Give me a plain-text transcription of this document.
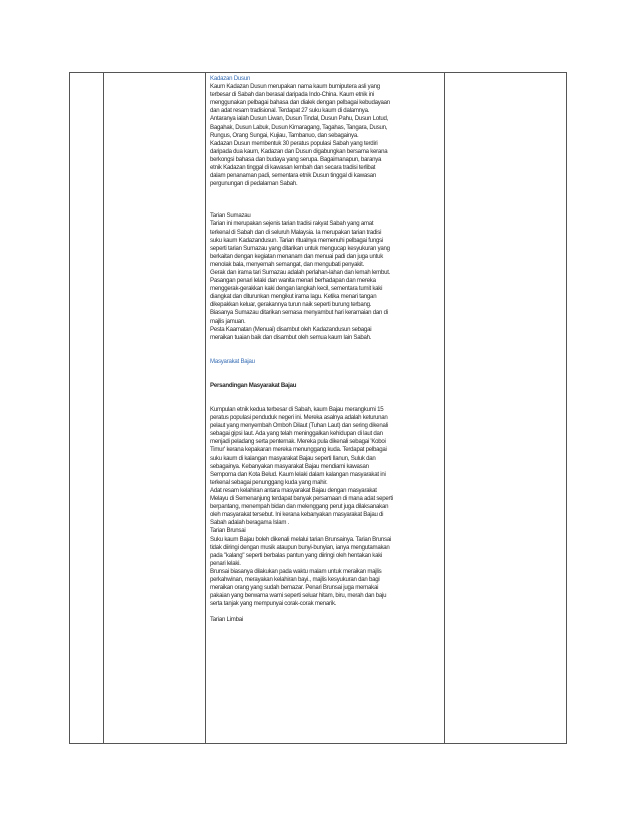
Kadazan Dusun

Kaum Kadazan Dusun merupakan nama kaum bumiputera asli yang
terbesar di Sabah dan berasal daripada Indo-China. Kaum etnik ini
menggunakan pelbagai bahasa dan dialek dengan pelbagai kebudayaan
dan adat resam tradisional. Terdapat 27 suku kaum di dalamnya.
Antaranya ialah Dusun Liwan, Dusun Tindal, Dusun Pahu, Dusun Lotud,
Bagahak, Dusun Labuk, Dusun Kimaragang, Tagahas, Tangara, Dusun,
Rungus, Orang Sungai, Kujiau, Tambanuo, dan sebagainya.
Kadazan Dusun membentuk 30 peratus populasi Sabah yang terdiri
daripada dua kaum, Kadazan dan Dusun digabungkan bersama kerana
berkongsi bahasa dan budaya yang serupa. Bagaimanapun, baranya
etnik Kadazan tinggal di kawasan lembah dan secara tradisi terlibat
dalam penanaman padi, sementara etnik Dusun tinggal di kawasan
pergunungan di pedalaman Sabah.

Tarian Sumazau

Tarian ini merupakan sejenis tarian tradisi rakyat Sabah yang amat
terkenal di Sabah dan di seluruh Malaysia. Ia merupakan tarian tradisi
suku kaum Kadazandusun. Tarian ritualnya memenuhi pelbagai fungsi
seperti tarian Sumazau yang ditarikan untuk mengucap kesyukuran yang
berkaitan dengan kegiatan menanam dan menuai padi dan juga untuk
menolak bala, menyemah semangat, dan mengubati penyakit.
Gerak dan irama tari Sumazau adalah perlahan-lahan dan lemah lembut.
Pasangan penari lelaki dan wanita menari berhadapan dan mereka
menggerak-gerakkan kaki dengan langkah kecil, sementara tumit kaki
diangkat dan diturunkan mengikut irama lagu. Ketika menari tangan
dikepakkan keluar, gerakannya turun naik seperti burung terbang.
Biasanya Sumazau ditarikan semasa menyambut hari keramaian dan di
majlis jamuan.
Pesta Kaamatan (Menuai) disambut oleh Kadazandusun sebagai
meraikan tuaian baik dan disambut oleh semua kaum lain Sabah.

Masyarakat Bajau

Persandingan Masyarakat Bajau

Kumpulan etnik kedua terbesar di Sabah, kaum Bajau merangkumi 15
peratus populasi penduduk negeri ini. Mereka asalnya adalah keturunan
pelaut yang menyembah Omboh Dilaut (Tuhan Laut) dan sering dikenali
sebagai gipsi laut. Ada yang telah meninggalkan kehidupan di laut dan
menjadi peladang serta penternak. Mereka pula dikenali sebagai 'Koboi
Timur' kerana kepakaran mereka menunggang kuda. Terdapat pelbagai
suku kaum di kalangan masyarakat Bajau seperti Ilanun, Suluk dan
sebagainya. Kebanyakan masyarakat Bajau mendiami kawasan
Semporna dan Kota Belud. Kaum lelaki dalam kalangan masyarakat ini
terkenal sebagai penunggang kuda yang mahir.
Adat resam kelahiran antara masyarakat Bajau dengan masyarakat
Melayu di Semenanjung terdapat banyak persamaan di mana adat seperti
berpantang, menempah bidan dan melenggang perut juga dilaksanakan
oleh masyarakat tersebut. Ini kerana kebanyakan masyarakat Bajau di
Sabah adalah beragama Islam .
Tarian Brunsai
Suku kaum Bajau boleh dikenali melalui tarian Brunsainya. Tarian Brunsai
tidak diiringi dengan musik ataupun bunyi-bunyian, ianya mengutamakan
pada "kalang" seperti berbalas pantun yang diiringi oleh hentakan kaki
penari lelaki.
Brunsai biasanya dilakukan pada waktu malam untuk meraikan majlis
perkahwinan, merayakan kelahiran bayi., majlis kesyukuran dan bagi
meraikan orang yang sudah bernazar. Penari Brunsai juga memakai
pakaian yang berwarna warni seperti seluar hitam, biru, merah dan baju
serta tanjak yang mempunyai corak-corak menarik.

Tarian Limbai
